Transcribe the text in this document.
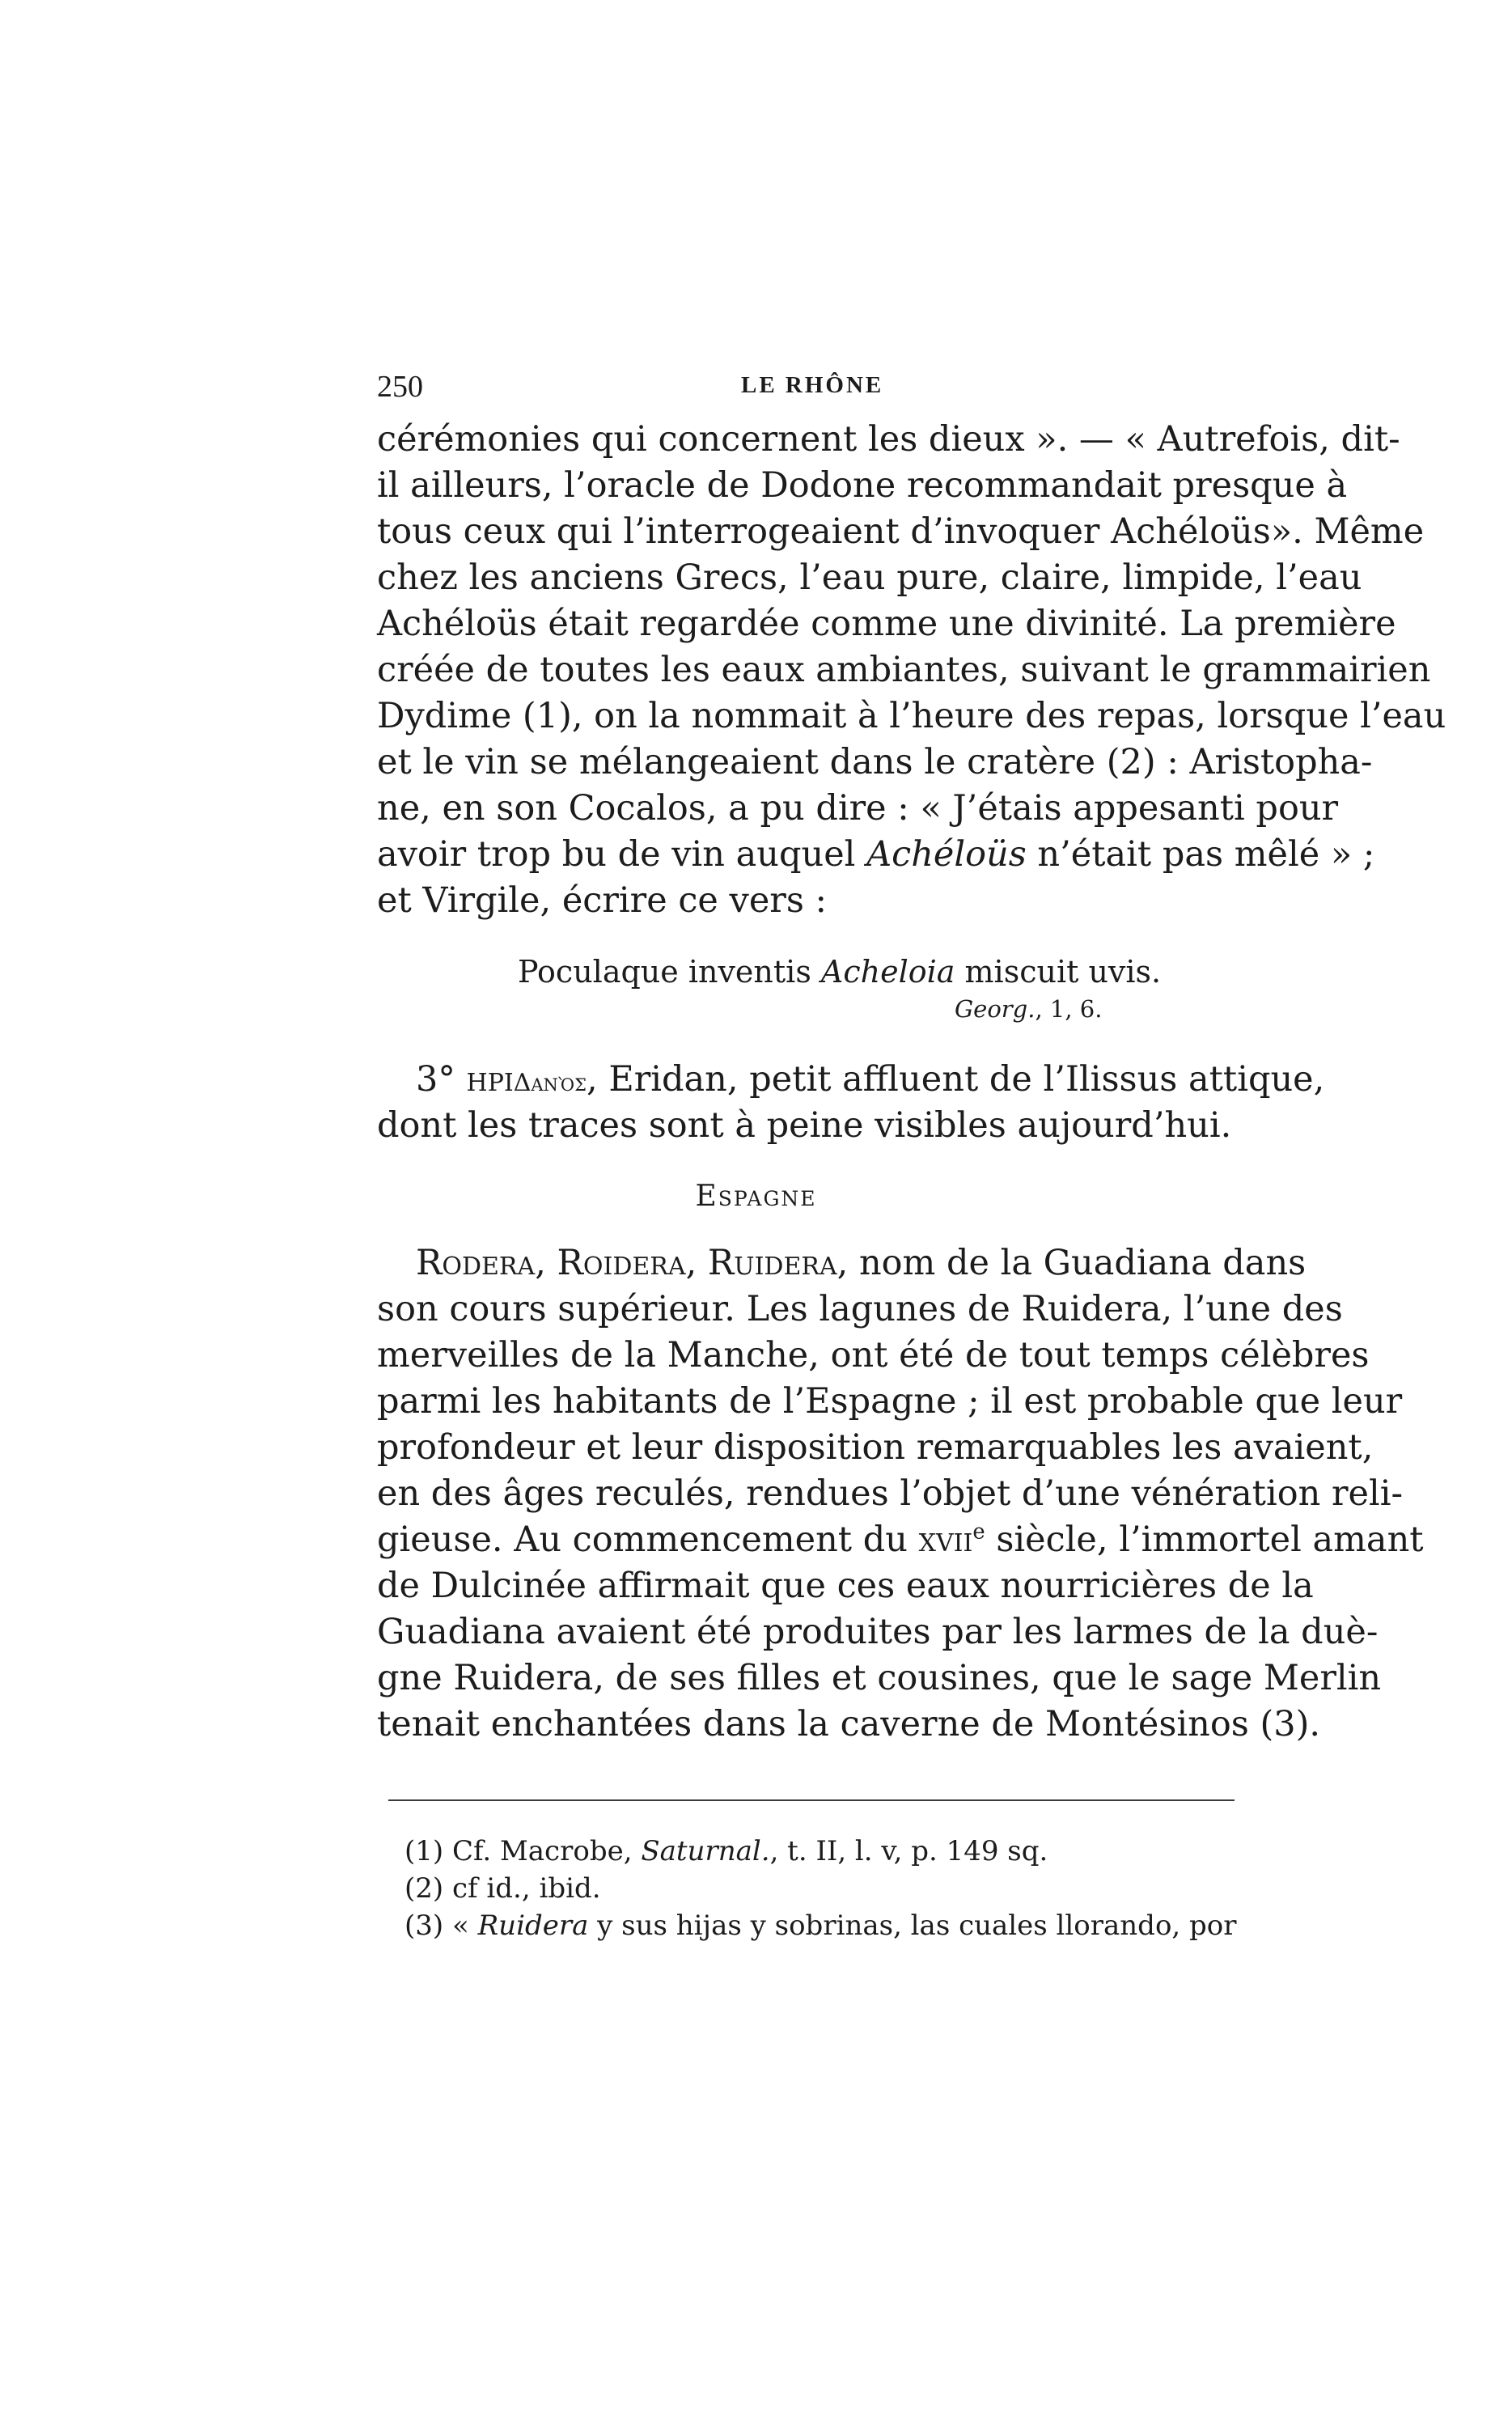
250	LE RHÔNE
cérémonies qui concernent les dieux ». — « Autrefois, dit-
il ailleurs, l’oracle de Dodone recommandait presque à
tous ceux qui l’interrogeaient d’invoquer Achéloüs». Même
chez les anciens Grecs, l’eau pure, claire, limpide, l’eau
Achéloüs était regardée comme une divinité. La première
créée de toutes les eaux ambiantes, suivant le grammairien
Dydime (1), on la nommait à l’heure des repas, lorsque l’eau
et le vin se mélangeaient dans le cratère (2) : Aristopha-
ne, en son Cocalos, a pu dire : « J’étais appesanti pour
avoir trop bu de vin auquel Achéloüs n’était pas mêlé » ;
et Virgile, écrire ce vers :
Poculaque inventis Acheloia miscuit uvis.
Georg., 1, 6.
3° ΗΡΙΔανὸς, Eridan, petit affluent de l’Ilissus attique,
dont les traces sont à peine visibles aujourd’hui.
Espagne
Rodera, Roidera, Ruidera, nom de la Guadiana dans
son cours supérieur. Les lagunes de Ruidera, l’une des
merveilles de la Manche, ont été de tout temps célèbres
parmi les habitants de l’Espagne ; il est probable que leur
profondeur et leur disposition remarquables les avaient,
en des âges reculés, rendues l’objet d’une vénération reli-
gieuse. Au commencement du xvii$^e$ siècle, l’immortel amant
de Dulcinée affirmait que ces eaux nourricières de la
Guadiana avaient été produites par les larmes de la duè-
gne Ruidera, de ses filles et cousines, que le sage Merlin
tenait enchantées dans la caverne de Montésinos (3).
(1) Cf. Macrobe, Saturnal., t. II, l. v, p. 149 sq.
(2) cf id., ibid.
(3) « Ruidera y sus hijas y sobrinas, las cuales llorando, por
